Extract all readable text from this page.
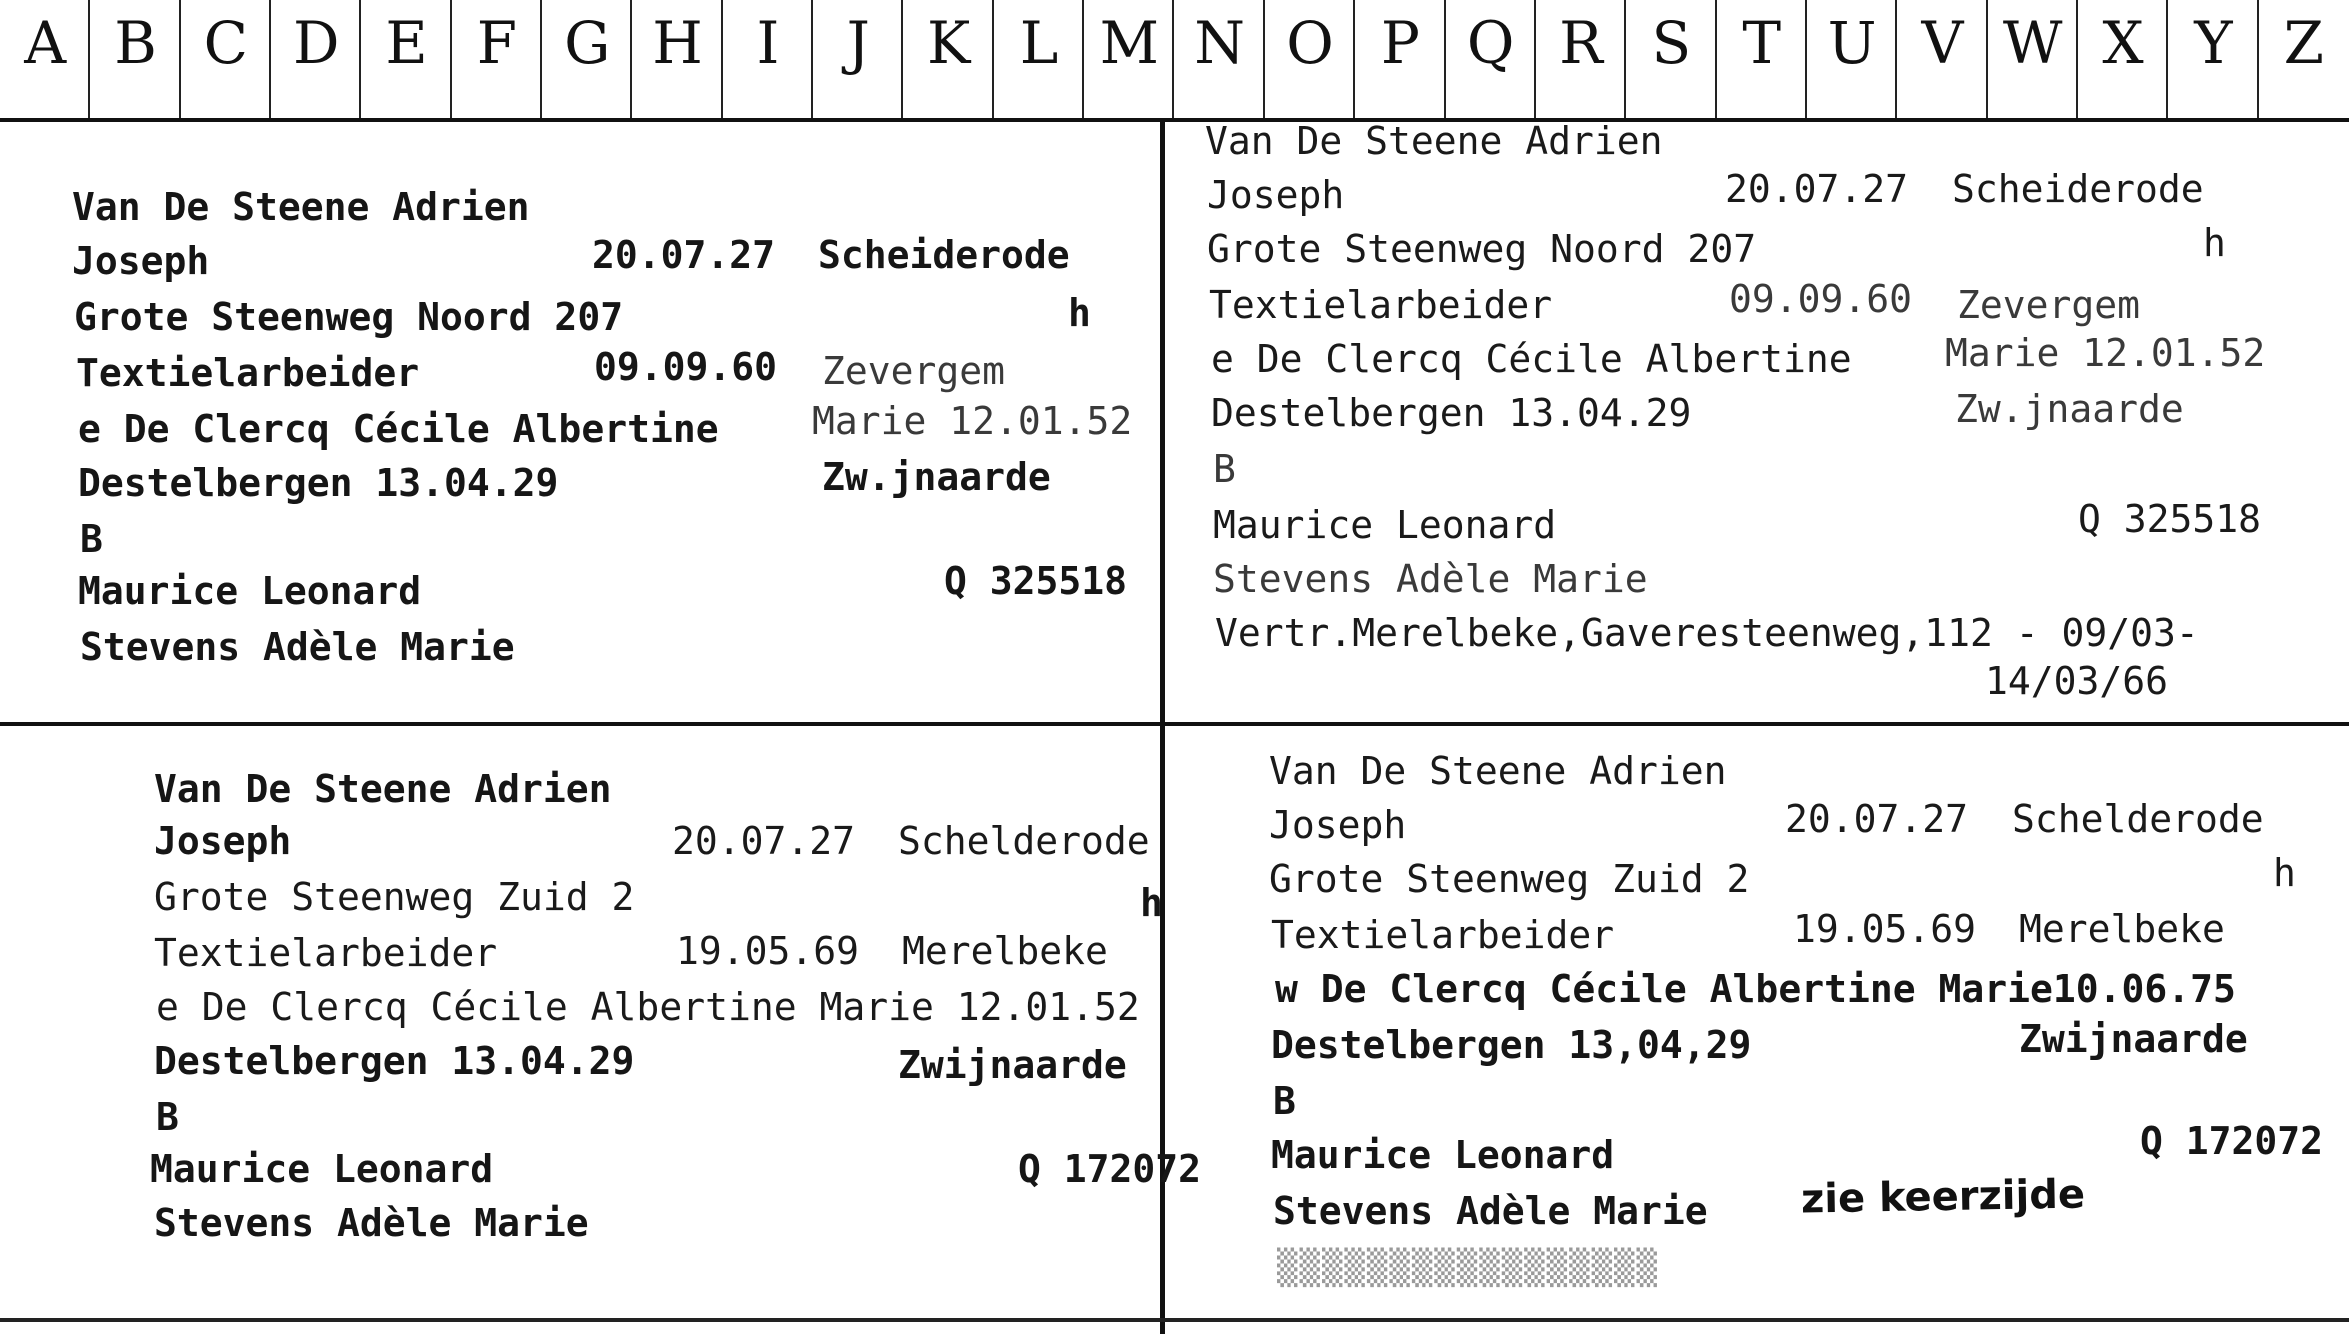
A B C D E F G H I	J K L M N O P Q R S T U V W X Y Z
Van De Steene Adrien
Joseph	20.07.27 Scheiderode
Grote Steenweg Noord 207	h
Textielarbeider	09.09.60 Zevergem
e De Clercq Cécile Albertine Marie 12.01.52
Destelbergen 13.04.29	Zw.jnaarde
B
Maurice Leonard	Q 325518
Stevens Adèle Marie
Van De Steene Adrien
Joseph	20.07.27 Scheiderode
Grote Steenweg Noord 207	h
Textielarbeider	09.09.60 Zevergem
e De Clercq Cécile Albertine Marie 12.01.52
Destelbergen 13.04.29	Zw.jnaarde
B
Maurice Leonard	Q 325518
Stevens Adèle Marie
Vertr.Merelbeke,Gaveresteenweg,112 - 09/03-
14/03/66
Van De Steene Adrien
Joseph	20.07.27 Schelderode
Grote Steenweg Zuid 2	h
Textielarbeider	19.05.69 Merelbeke
e De Clercq Cécile Albertine Marie 12.01.52
Destelbergen 13.04.29	Zwijnaarde
B
Maurice Leonard	Q 172072
Stevens Adèle Marie
Van De Steene Adrien
Joseph	20.07.27 Schelderode
Grote Steenweg Zuid 2	h
Textielarbeider	19.05.69 Merelbeke
w De Clercq Cécile Albertine Marie10.06.75
Destelbergen 13,04,29	Zwijnaarde
B
Maurice Leonard	Q 172072
Stevens Adèle Marie zie keerzijde
▒▒▒▒▒▒▒▒▒▒▒▒▒▒▒▒▒
